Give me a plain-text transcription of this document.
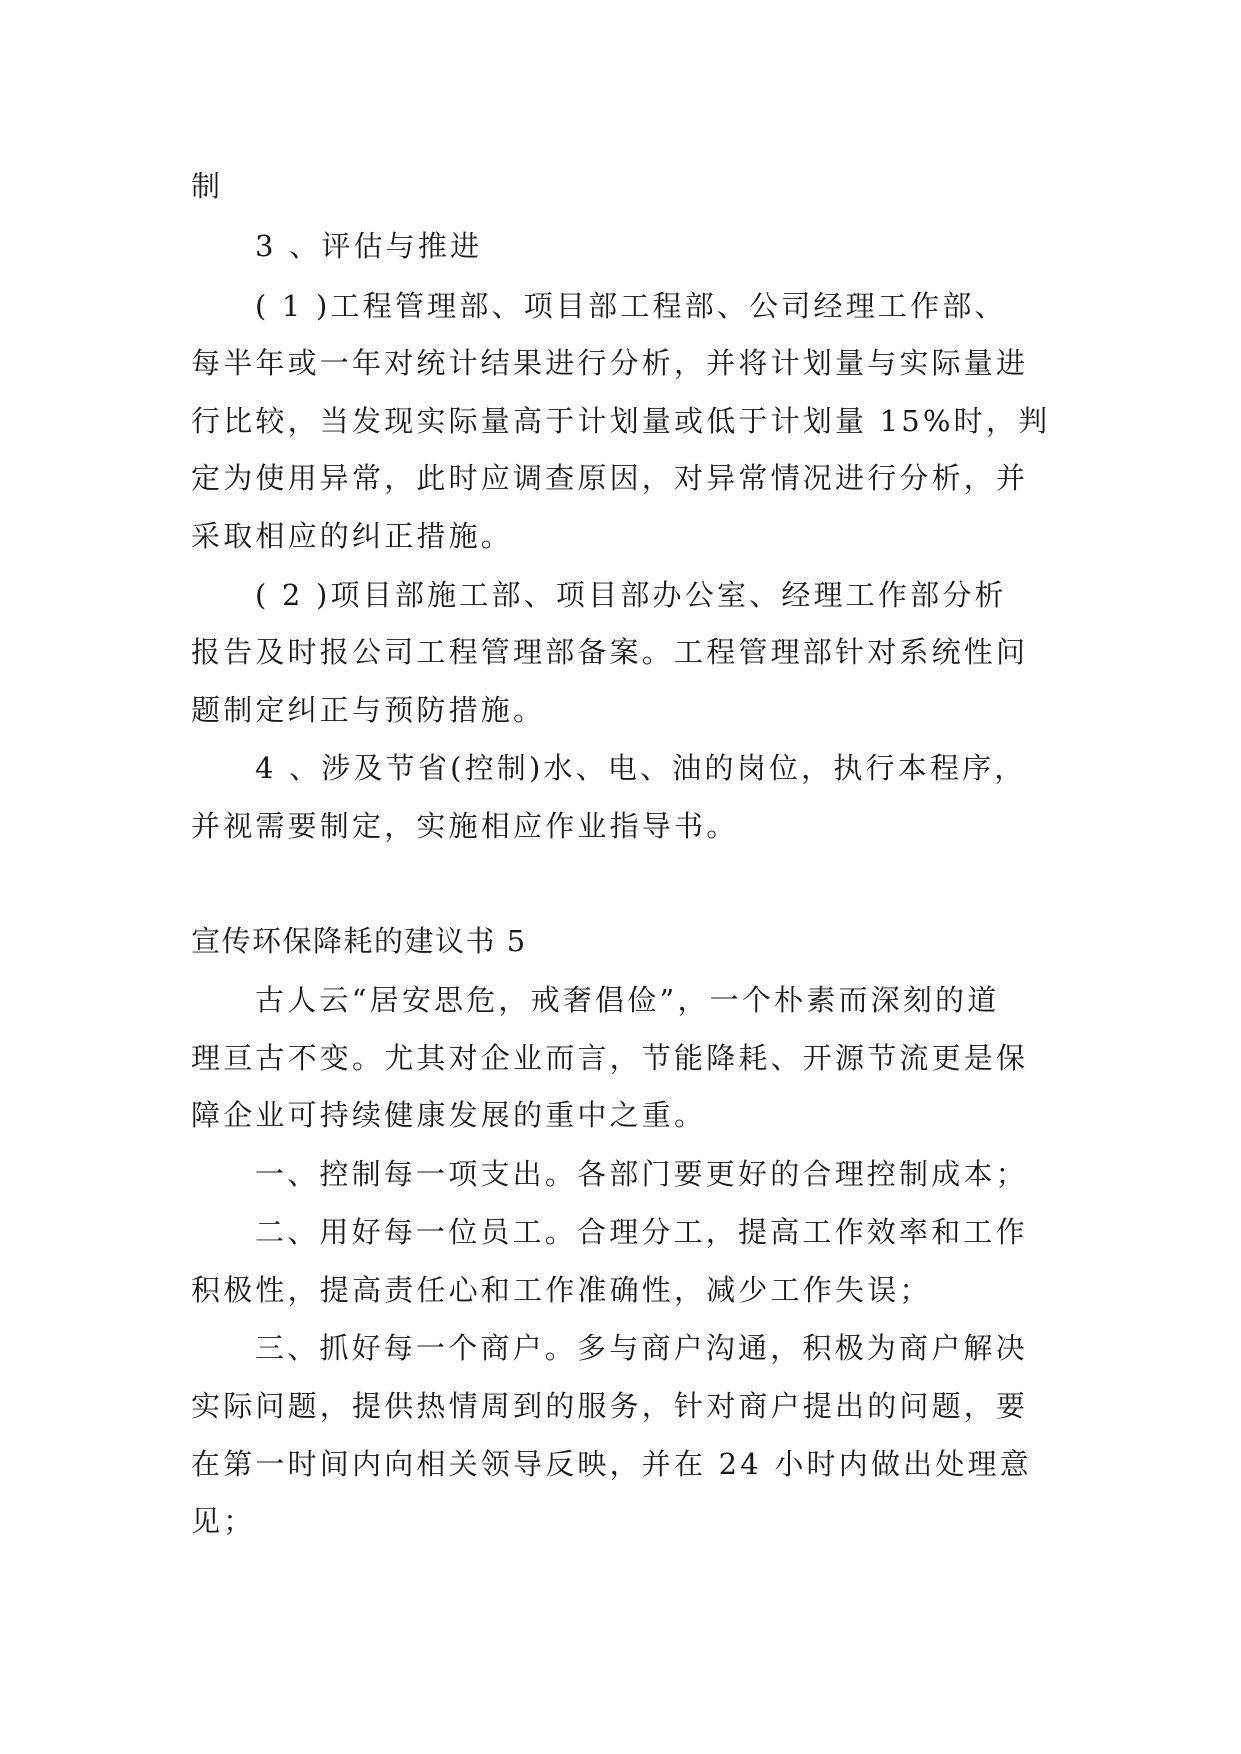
制
3 、评估与推进
( 1 )工程管理部、项目部工程部、公司经理工作部、
每半年或一年对统计结果进行分析，并将计划量与实际量进
行比较，当发现实际量高于计划量或低于计划量 15%时，判
定为使用异常，此时应调查原因，对异常情况进行分析，并
采取相应的纠正措施。
( 2 )项目部施工部、项目部办公室、经理工作部分析
报告及时报公司工程管理部备案。工程管理部针对系统性问
题制定纠正与预防措施。
4 、涉及节省(控制)水、电、油的岗位，执行本程序，
并视需要制定，实施相应作业指导书。
宣传环保降耗的建议书 5
古人云“居安思危，戒奢倡俭”，一个朴素而深刻的道
理亘古不变。尤其对企业而言，节能降耗、开源节流更是保
障企业可持续健康发展的重中之重。
一、控制每一项支出。各部门要更好的合理控制成本；
二、用好每一位员工。合理分工，提高工作效率和工作
积极性，提高责任心和工作准确性，减少工作失误；
三、抓好每一个商户。多与商户沟通，积极为商户解决
实际问题，提供热情周到的服务，针对商户提出的问题，要
在第一时间内向相关领导反映，并在 24 小时内做出处理意
见；
